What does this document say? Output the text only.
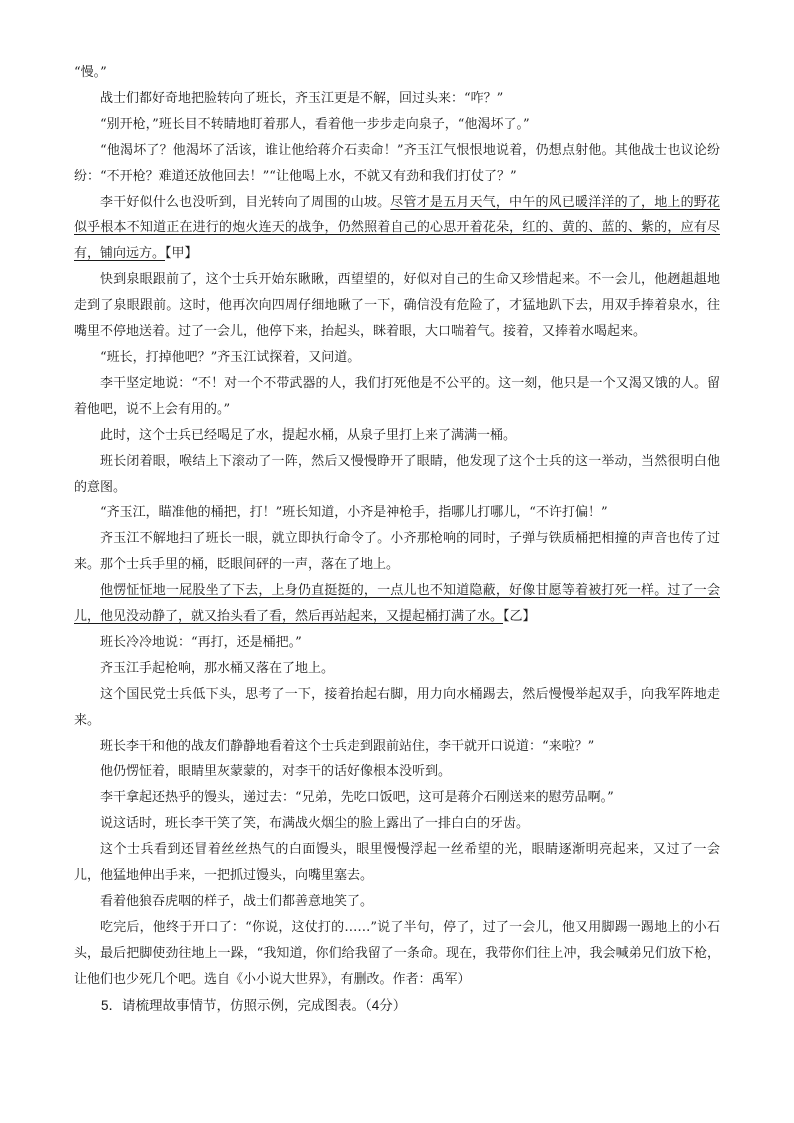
“慢。”

战士们都好奇地把脸转向了班长，齐玉江更是不解，回过头来：“咋？”

“别开枪，”班长目不转睛地盯着那人，看着他一步步走向泉子，“他渴坏了。”

“他渴坏了？他渴坏了活该，谁让他给蒋介石卖命！”齐玉江气恨恨地说着，仍想点射他。其他战士也议论纷纷：“不开枪？难道还放他回去！”“让他喝上水，不就又有劲和我们打仗了？”

李干好似什么也没听到，目光转向了周围的山坡。尽管才是五月天气，中午的风已暖洋洋的了，地上的野花似乎根本不知道正在进行的炮火连天的战争，仍然照着自己的心思开着花朵，红的、黄的、蓝的、紫的，应有尽有，铺向远方。【甲】

快到泉眼跟前了，这个士兵开始东瞅瞅，西望望的，好似对自己的生命又珍惜起来。不一会儿，他趔趄趄地走到了泉眼跟前。这时，他再次向四周仔细地瞅了一下，确信没有危险了，才猛地趴下去，用双手捧着泉水，往嘴里不停地送着。过了一会儿，他停下来，抬起头，眯着眼，大口喘着气。接着，又捧着水喝起来。

“班长，打掉他吧？”齐玉江试探着，又问道。

李干坚定地说：“不！对一个不带武器的人，我们打死他是不公平的。这一刻，他只是一个又渴又饿的人。留着他吧，说不上会有用的。”

此时，这个士兵已经喝足了水，提起水桶，从泉子里打上来了满满一桶。

班长闭着眼，喉结上下滚动了一阵，然后又慢慢睁开了眼睛，他发现了这个士兵的这一举动，当然很明白他的意图。

“齐玉江，瞄准他的桶把，打！”班长知道，小齐是神枪手，指哪儿打哪儿，“不许打偏！”

齐玉江不解地扫了班长一眼，就立即执行命令了。小齐那枪响的同时，子弹与铁质桶把相撞的声音也传了过来。那个士兵手里的桶，眨眼间砰的一声，落在了地上。

他愣怔怔地一屁股坐了下去，上身仍直挺挺的，一点儿也不知道隐蔽，好像甘愿等着被打死一样。过了一会儿，他见没动静了，就又抬头看了看，然后再站起来，又提起桶打满了水。【乙】

班长冷冷地说：“再打，还是桶把。”

齐玉江手起枪响，那水桶又落在了地上。

这个国民党士兵低下头，思考了一下，接着抬起右脚，用力向水桶踢去，然后慢慢举起双手，向我军阵地走来。

班长李干和他的战友们静静地看着这个士兵走到跟前站住，李干就开口说道：“来啦？”

他仍愣怔着，眼睛里灰蒙蒙的，对李干的话好像根本没听到。

李干拿起还热乎的馒头，递过去：“兄弟，先吃口饭吧，这可是蒋介石刚送来的慰劳品啊。”

说这话时，班长李干笑了笑，布满战火烟尘的脸上露出了一排白白的牙齿。

这个士兵看到还冒着丝丝热气的白面馒头，眼里慢慢浮起一丝希望的光，眼睛逐渐明亮起来，又过了一会儿，他猛地伸出手来，一把抓过馒头，向嘴里塞去。

看着他狼吞虎咽的样子，战士们都善意地笑了。

吃完后，他终于开口了：“你说，这仗打的……”说了半句，停了，过了一会儿，他又用脚踢一踢地上的小石头，最后把脚使劲往地上一跺，“我知道，你们给我留了一条命。现在，我带你们往上冲，我会喊弟兄们放下枪，让他们也少死几个吧。选自《小小说大世界》，有删改。作者：禹军）

5．请梳理故事情节，仿照示例，完成图表。（4分）
